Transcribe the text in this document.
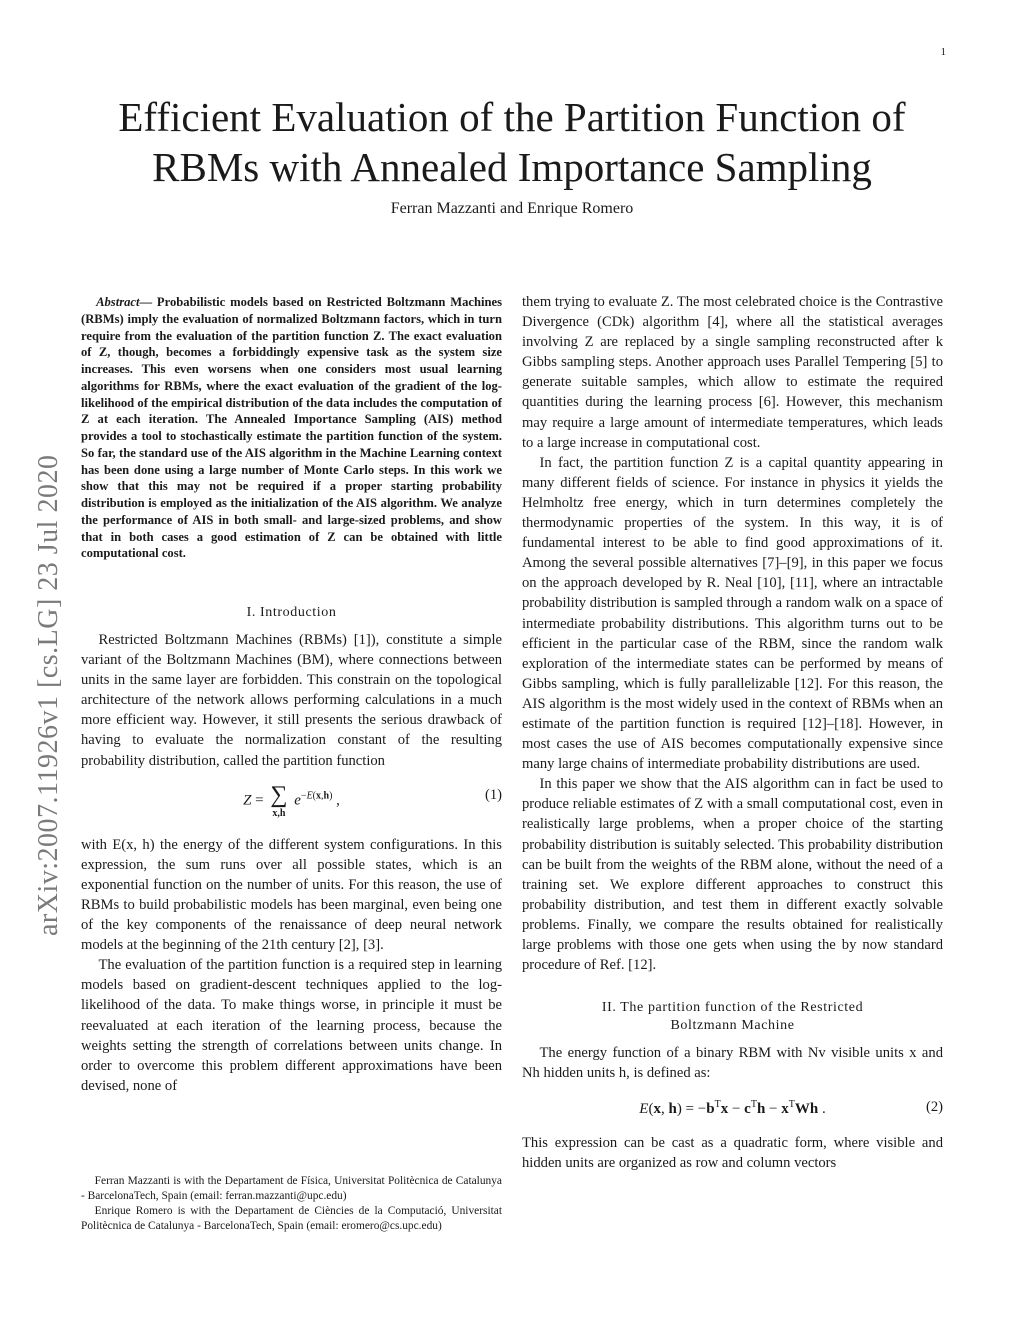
1
Efficient Evaluation of the Partition Function of
RBMs with Annealed Importance Sampling
Ferran Mazzanti and Enrique Romero
arXiv:2007.11926v1 [cs.LG] 23 Jul 2020
Abstract— Probabilistic models based on Restricted Boltzmann Machines (RBMs) imply the evaluation of normalized Boltzmann factors, which in turn require from the evaluation of the partition function Z. The exact evaluation of Z, though, becomes a forbiddingly expensive task as the system size increases. This even worsens when one considers most usual learning algorithms for RBMs, where the exact evaluation of the gradient of the log-likelihood of the empirical distribution of the data includes the computation of Z at each iteration. The Annealed Importance Sampling (AIS) method provides a tool to stochastically estimate the partition function of the system. So far, the standard use of the AIS algorithm in the Machine Learning context has been done using a large number of Monte Carlo steps. In this work we show that this may not be required if a proper starting probability distribution is employed as the initialization of the AIS algorithm. We analyze the performance of AIS in both small- and large-sized problems, and show that in both cases a good estimation of Z can be obtained with little computational cost.
I. Introduction

Restricted Boltzmann Machines (RBMs) [1]), constitute a simple variant of the Boltzmann Machines (BM), where connections between units in the same layer are forbidden. This constrain on the topological architecture of the network allows performing calculations in a much more efficient way. However, it still presents the serious drawback of having to evaluate the normalization constant of the resulting probability distribution, called the partition function

Z = ∑
x,h
$e^{-E(x,h)}$ ,	(1)

with E(x, h) the energy of the different system configurations. In this expression, the sum runs over all possible states, which is an exponential function on the number of units. For this reason, the use of RBMs to build probabilistic models has been marginal, even being one of the key components of the renaissance of deep neural network models at the beginning of the 21th century [2], [3].

The evaluation of the partition function is a required step in learning models based on gradient-descent techniques applied to the log-likelihood of the data. To make things worse, in principle it must be reevaluated at each iteration of the learning process, because the weights setting the strength of correlations between units change. In order to overcome this problem different approximations have been devised, none of

them trying to evaluate Z. The most celebrated choice is the Contrastive Divergence (CDk) algorithm [4], where all the statistical averages involving Z are replaced by a single sampling reconstructed after k Gibbs sampling steps. Another approach uses Parallel Tempering [5] to generate suitable samples, which allow to estimate the required quantities during the learning process [6]. However, this mechanism may require a large amount of intermediate temperatures, which leads to a large increase in computational cost.

In fact, the partition function Z is a capital quantity appearing in many different fields of science. For instance in physics it yields the Helmholtz free energy, which in turn determines completely the thermodynamic properties of the system. In this way, it is of fundamental interest to be able to find good approximations of it. Among the several possible alternatives [7]–[9], in this paper we focus on the approach developed by R. Neal [10], [11], where an intractable probability distribution is sampled through a random walk on a space of intermediate probability distributions. This algorithm turns out to be efficient in the particular case of the RBM, since the random walk exploration of the intermediate states can be performed by means of Gibbs sampling, which is fully parallelizable [12]. For this reason, the AIS algorithm is the most widely used in the context of RBMs when an estimate of the partition function is required [12]–[18]. However, in most cases the use of AIS becomes computationally expensive since many large chains of intermediate probability distributions are used.

In this paper we show that the AIS algorithm can in fact be used to produce reliable estimates of Z with a small computational cost, even in realistically large problems, when a proper choice of the starting probability distribution is suitably selected. This probability distribution can be built from the weights of the RBM alone, without the need of a training set. We explore different approaches to construct this probability distribution, and test them in different exactly solvable problems. Finally, we compare the results obtained for realistically large problems with those one gets when using the by now standard procedure of Ref. [12].

II. The partition function of the Restricted
Boltzmann Machine

The energy function of a binary RBM with Nv visible units x and Nh hidden units h, is defined as:

E(x, $h) = -b^Tx - c^Th - x^TWh$ .	(2)

This expression can be cast as a quadratic form, where visible and hidden units are organized as row and column vectors

Ferran Mazzanti is with the Departament de Física, Universitat Politècnica de Catalunya - BarcelonaTech, Spain (email: ferran.mazzanti@upc.edu)

Enrique Romero is with the Departament de Ciències de la Computació, Universitat Politècnica de Catalunya - BarcelonaTech, Spain (email: eromero@cs.upc.edu)
